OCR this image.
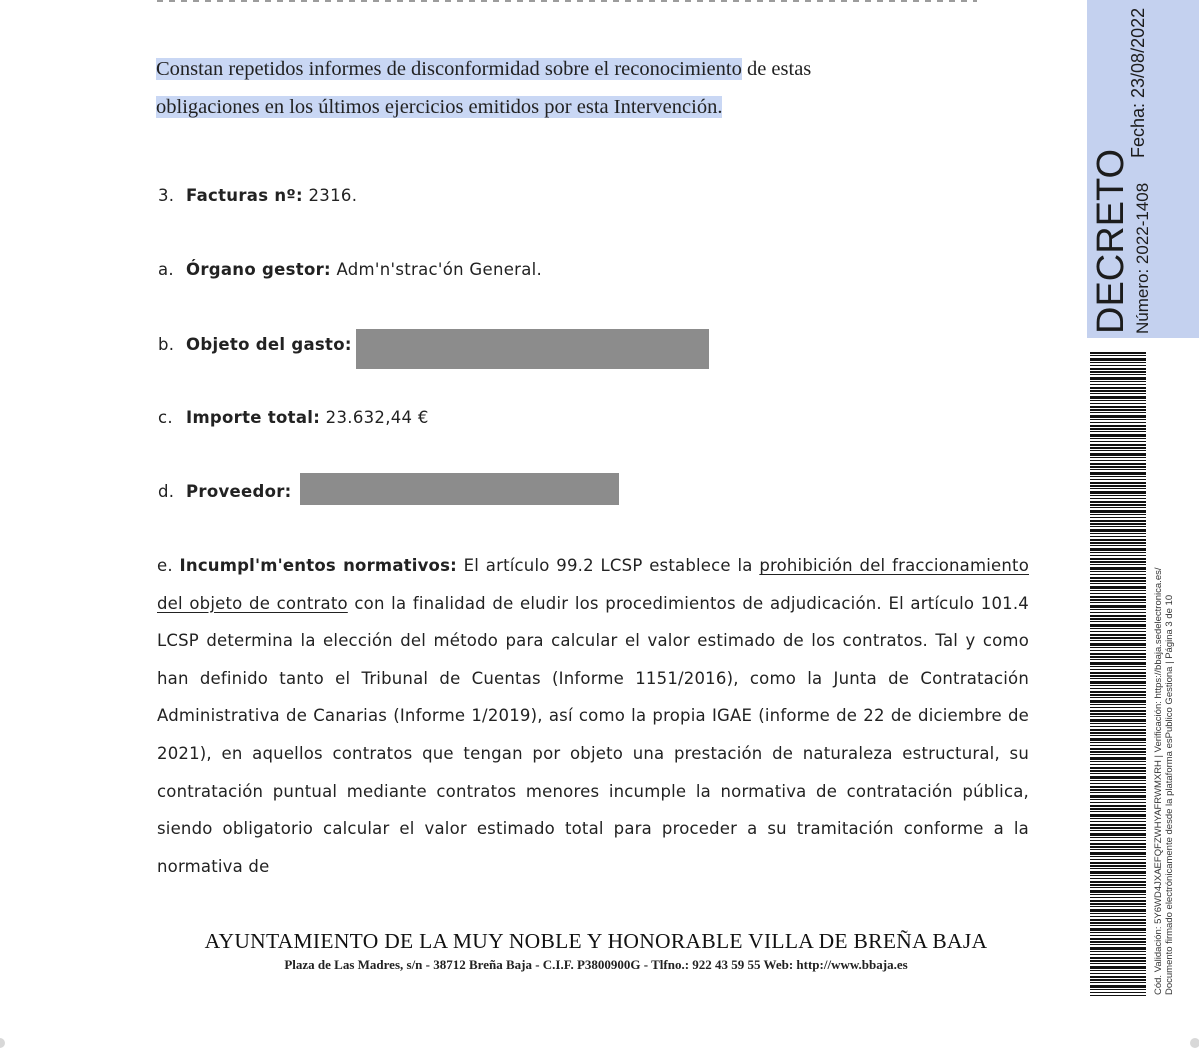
Constan repetidos informes de disconformidad sobre el reconocimiento de estas
obligaciones en los últimos ejercicios emitidos por esta Intervención.
3. Facturas nº: 2316.
a. Órgano gestor: Adm'n'strac'ón General.
b. Objeto del gasto:
c. Importe total: 23.632,44 €
d. Proveedor:
e. Incumpl'm'entos normativos: El artículo 99.2 LCSP establece la prohibición del fraccionamiento del objeto de contrato con la finalidad de eludir los procedimientos de adjudicación. El artículo 101.4 LCSP determina la elección del método para calcular el valor estimado de los contratos. Tal y como han definido tanto el Tribunal de Cuentas (Informe 1151/2016), como la Junta de Contratación Administrativa de Canarias (Informe 1/2019), así como la propia IGAE (informe de 22 de diciembre de 2021), en aquellos contratos que tengan por objeto una prestación de naturaleza estructural, su contratación puntual mediante contratos menores incumple la normativa de contratación pública, siendo obligatorio calcular el valor estimado total para proceder a su tramitación conforme a la normativa de
AYUNTAMIENTO DE LA MUY NOBLE Y HONORABLE VILLA DE BREÑA BAJA
Plaza de Las Madres, s/n - 38712 Breña Baja - C.I.F. P3800900G - Tlfno.: 922 43 59 55 Web: http://www.bbaja.es
DECRETO Número: 2022-1408
Fecha: 23/08/2022
Cód. Validación: 5Y6WD4JXAEFQFZWHYAFRWMXRH | Verificación: https://bbaja.sedelectronica.es/ Documento firmado electrónicamente desde la plataforma esPublico Gestiona | Página 3 de 10
